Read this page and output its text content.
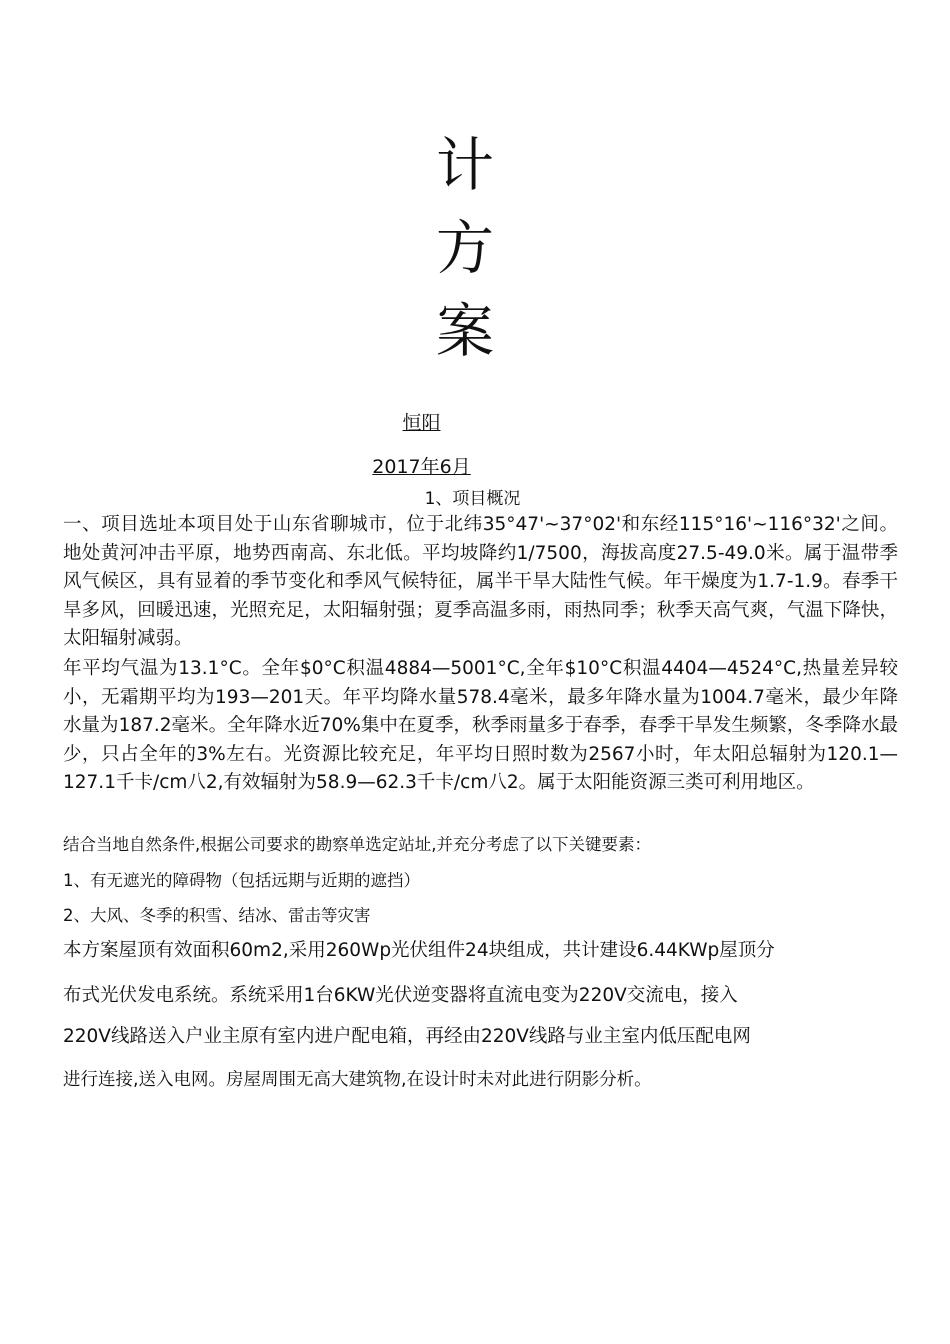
计
方
案
恒阳
2017年6月
1、项目概况

一、项目选址本项目处于山东省聊城市，位于北纬35°47'~37°02'和东经115°16'~116°32'之间。地处黄河冲击平原，地势西南高、东北低。平均坡降约1/7500，海拔高度27.5-49.0米。属于温带季风气候区，具有显着的季节变化和季风气候特征，属半干旱大陆性气候。年干燥度为1.7-1.9。春季干旱多风，回暖迅速，光照充足，太阳辐射强；夏季高温多雨，雨热同季；秋季天高气爽，气温下降快，太阳辐射减弱。

年平均气温为13.1°C。全年$0°C积温4884—5001°C,全年$10°C积温4404—4524°C,热量差异较小，无霜期平均为193—201天。年平均降水量578.4毫米，最多年降水量为1004.7毫米，最少年降水量为187.2毫米。全年降水近70%集中在夏季，秋季雨量多于春季，春季干旱发生频繁，冬季降水最少，只占全年的3%左右。光资源比较充足，年平均日照时数为2567小时，年太阳总辐射为120.1—127.1千卡/cm八2,有效辐射为58.9—62.3千卡/cm八2。属于太阳能资源三类可利用地区。

结合当地自然条件,根据公司要求的勘察单选定站址,并充分考虑了以下关键要素：

1、有无遮光的障碍物（包括远期与近期的遮挡）

2、大风、冬季的积雪、结冰、雷击等灾害

本方案屋顶有效面积60m2,采用260Wp光伏组件24块组成，共计建设6.44KWp屋顶分

布式光伏发电系统。系统采用1台6KW光伏逆变器将直流电变为220V交流电，接入

220V线路送入户业主原有室内进户配电箱，再经由220V线路与业主室内低压配电网

进行连接,送入电网。房屋周围无高大建筑物,在设计时未对此进行阴影分析。
